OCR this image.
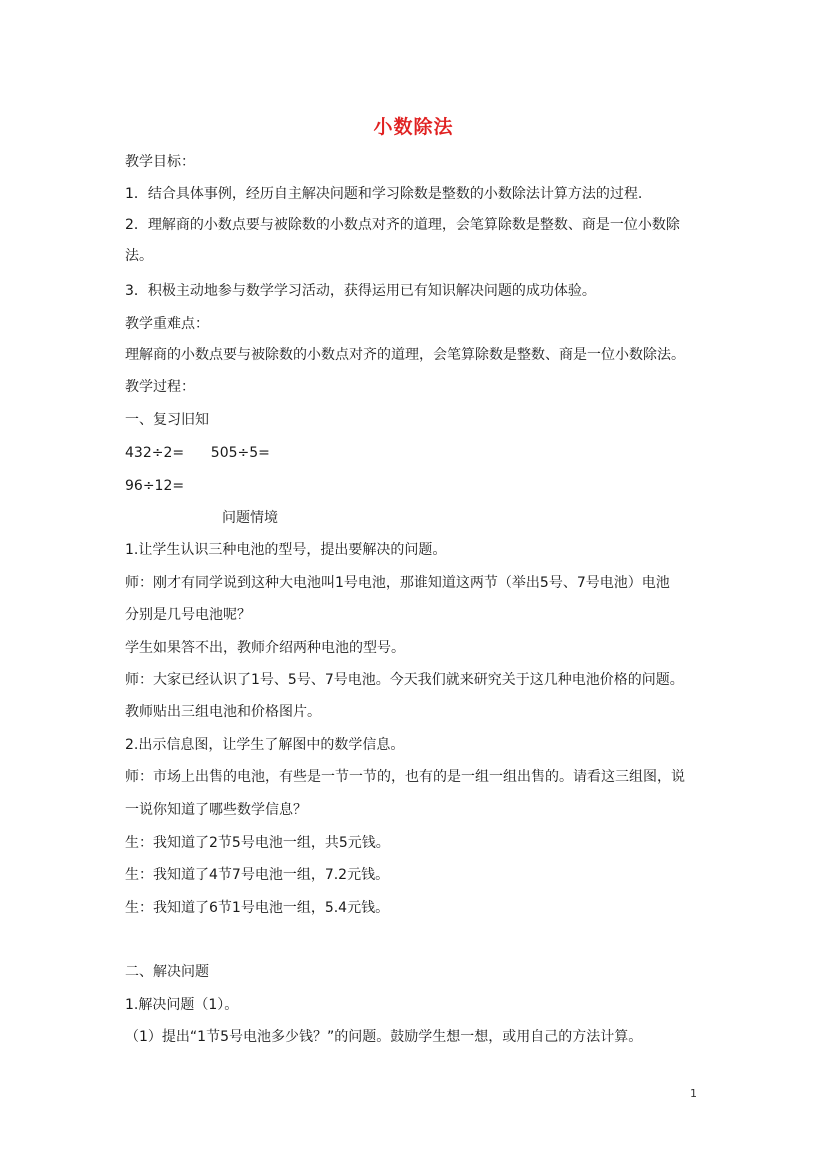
小数除法
教学目标：
1．结合具体事例，经历自主解决问题和学习除数是整数的小数除法计算方法的过程.
2．理解商的小数点要与被除数的小数点对齐的道理，会笔算除数是整数、商是一位小数除
法。
3．积极主动地参与数学学习活动，获得运用已有知识解决问题的成功体验。
教学重难点：
理解商的小数点要与被除数的小数点对齐的道理，会笔算除数是整数、商是一位小数除法。
教学过程：
一、复习旧知
432÷2=      505÷5=
96÷12=
问题情境
1.让学生认识三种电池的型号，提出要解决的问题。
师：刚才有同学说到这种大电池叫1号电池，那谁知道这两节（举出5号、7号电池）电池
分别是几号电池呢？
学生如果答不出，教师介绍两种电池的型号。
师：大家已经认识了1号、5号、7号电池。今天我们就来研究关于这几种电池价格的问题。
教师贴出三组电池和价格图片。
2.出示信息图，让学生了解图中的数学信息。
师：市场上出售的电池，有些是一节一节的，也有的是一组一组出售的。请看这三组图，说
一说你知道了哪些数学信息？
生：我知道了2节5号电池一组，共5元钱。
生：我知道了4节7号电池一组，7.2元钱。
生：我知道了6节1号电池一组，5.4元钱。
二、解决问题
1.解决问题（1）。
（1）提出“1节5号电池多少钱？”的问题。鼓励学生想一想，或用自己的方法计算。
1
